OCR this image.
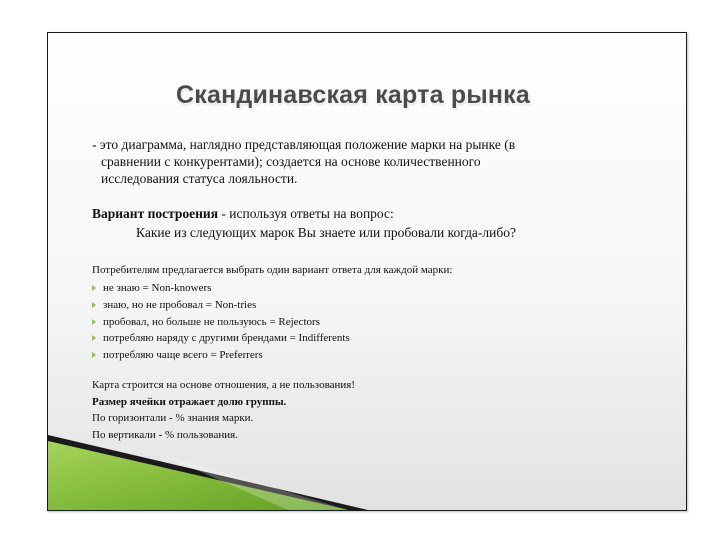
Скандинавская карта рынка
- это диаграмма, наглядно представляющая положение марки на рынке (в
сравнении с конкурентами); создается на основе количественного
исследования статуса лояльности.
Вариант построения - используя ответы на вопрос:
Какие из следующих марок Вы знаете или пробовали когда-либо?
Потребителям предлагается выбрать один вариант ответа для каждой марки:
не знаю = Non-knowers
знаю, но не пробовал = Non-tries
пробовал, но больше не пользуюсь = Rejectors
потребляю наряду с другими брендами = Indifferents
потребляю чаще всего = Preferrers
Карта строится на основе отношения, а не пользования!
Размер ячейки отражает долю группы.
По горизонтали - % знания марки.
По вертикали - % пользования.
